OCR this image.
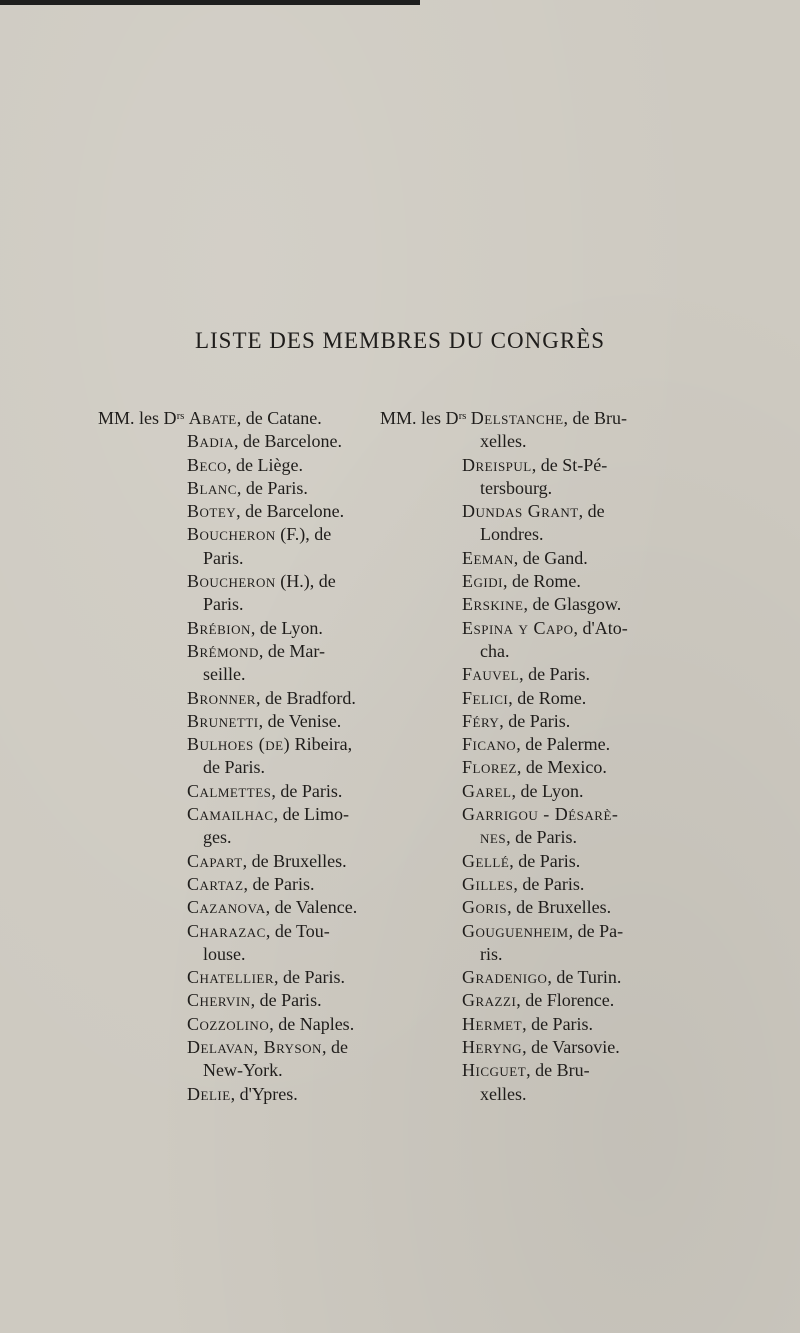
LISTE DES MEMBRES DU CONGRÈS
MM. les Dʳˢ Abate, de Catane.
Badia, de Barcelone.
Beco, de Liège.
Blanc, de Paris.
Botey, de Barcelone.
Boucheron (F.), de
Paris.
Boucheron (H.), de
Paris.
Brébion, de Lyon.
Brémond, de Mar-
seille.
Bronner, de Bradford.
Brunetti, de Venise.
Bulhoes (de) Ribeira,
de Paris.
Calmettes, de Paris.
Camailhac, de Limo-
ges.
Capart, de Bruxelles.
Cartaz, de Paris.
Cazanova, de Valence.
Charazac, de Tou-
louse.
Chatellier, de Paris.
Chervin, de Paris.
Cozzolino, de Naples.
Delavan, Bryson, de
New-York.
Delie, d'Ypres.
MM. les Dʳˢ Delstanche, de Bru-
xelles.
Dreispul, de St-Pé-
tersbourg.
Dundas Grant, de
Londres.
Eeman, de Gand.
Egidi, de Rome.
Erskine, de Glasgow.
Espina y Capo, d'Ato-
cha.
Fauvel, de Paris.
Felici, de Rome.
Féry, de Paris.
Ficano, de Palerme.
Florez, de Mexico.
Garel, de Lyon.
Garrigou - Désarè-
nes, de Paris.
Gellé, de Paris.
Gilles, de Paris.
Goris, de Bruxelles.
Gouguenheim, de Pa-
ris.
Gradenigo, de Turin.
Grazzi, de Florence.
Hermet, de Paris.
Heryng, de Varsovie.
Hicguet, de Bru-
xelles.
